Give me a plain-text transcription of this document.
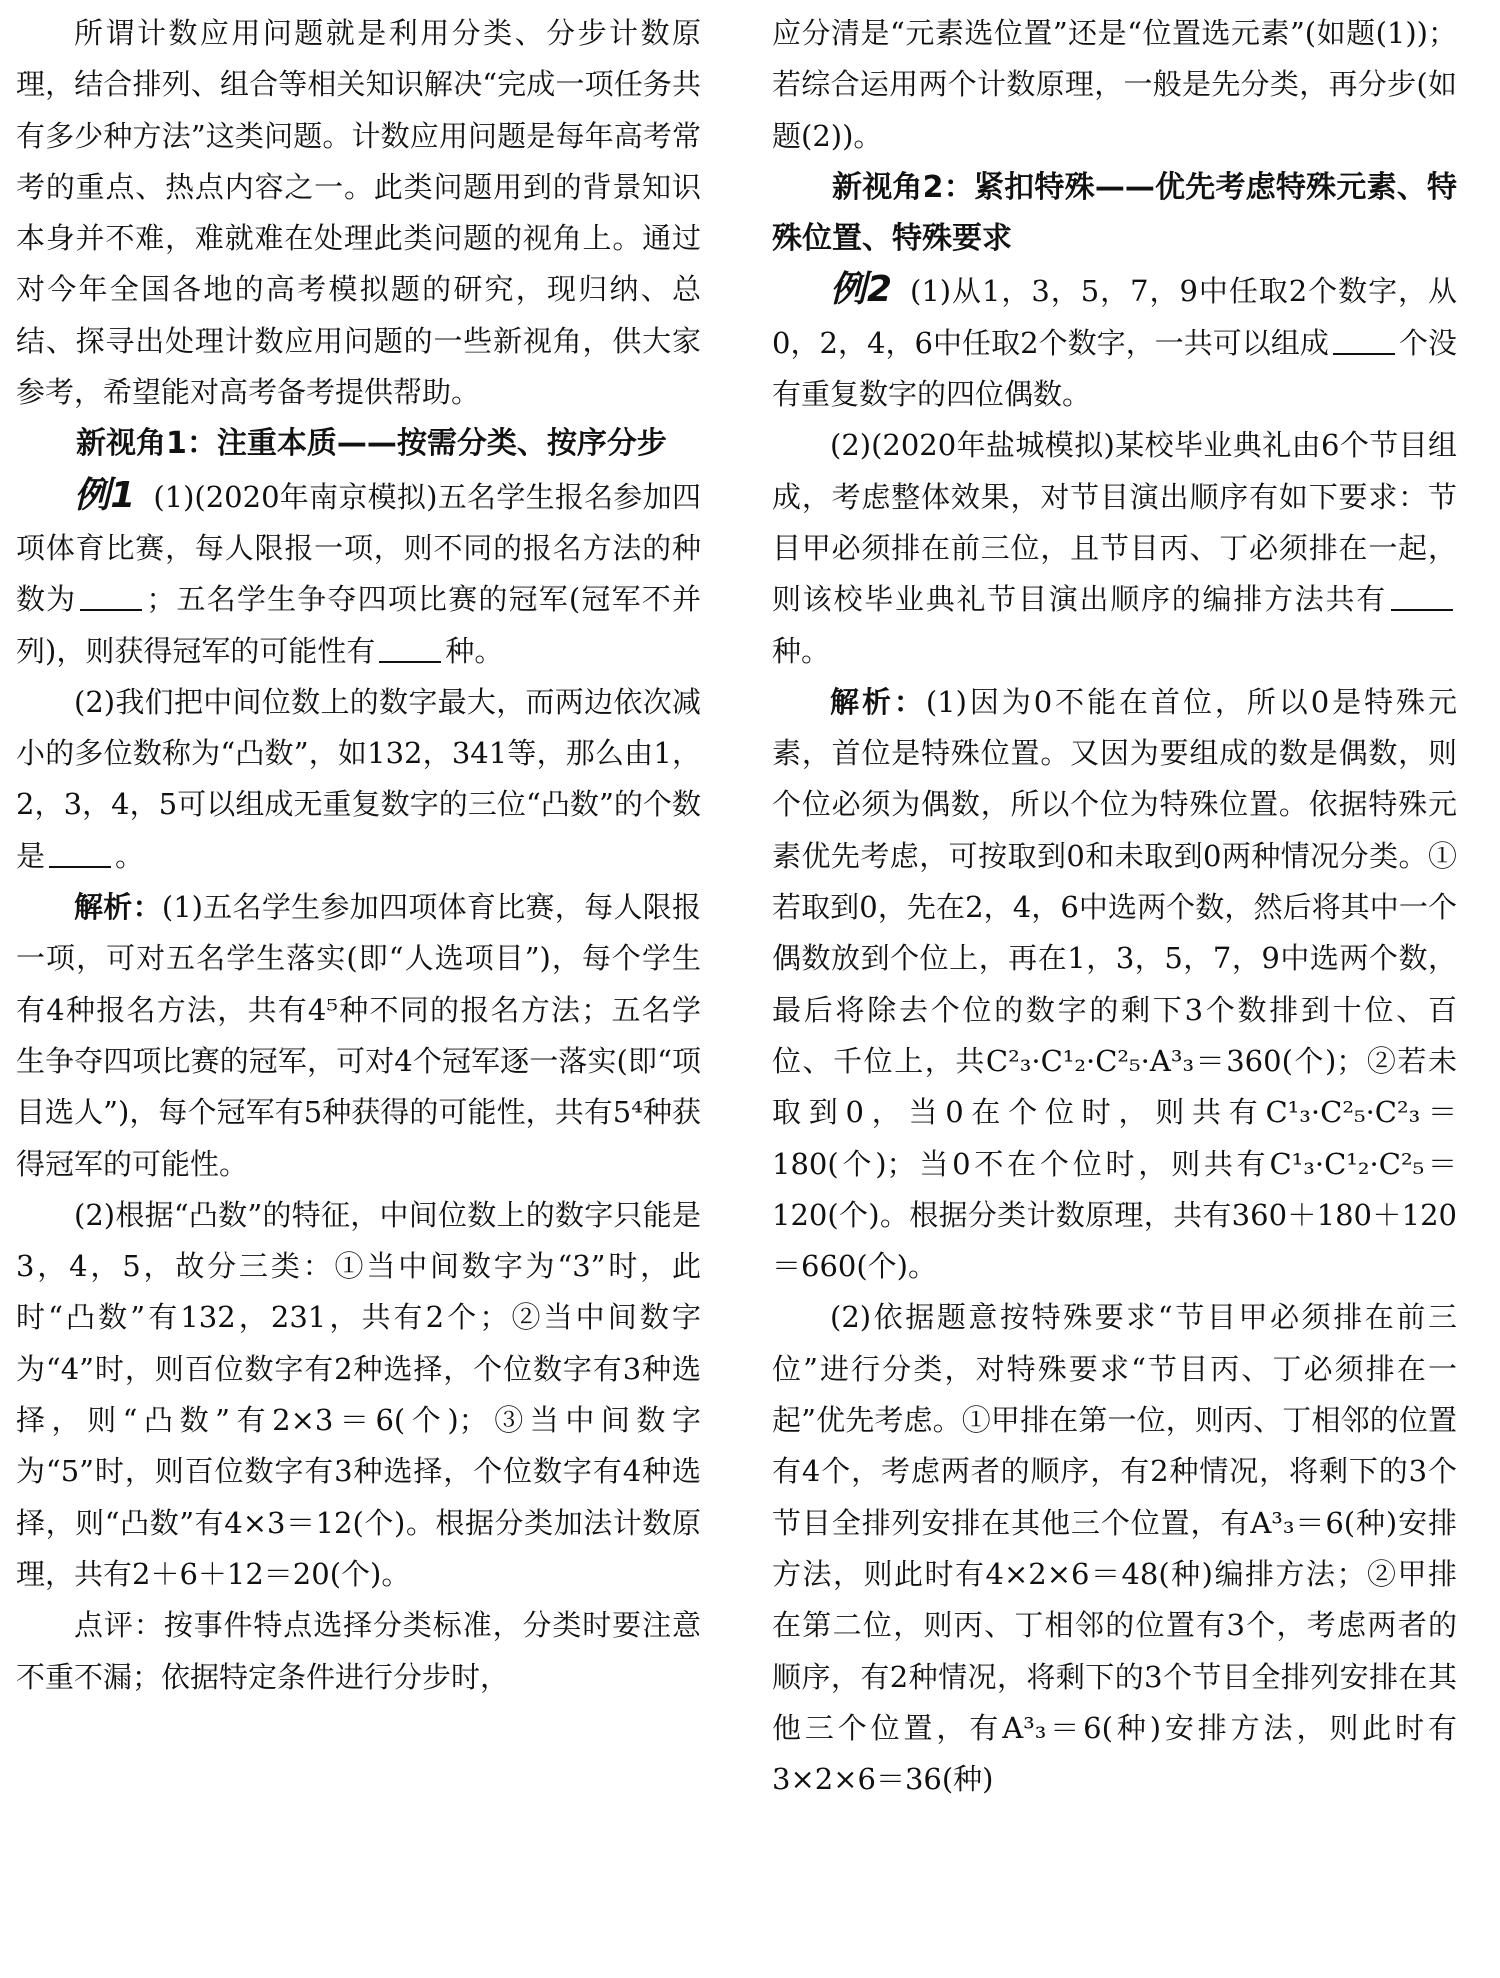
所谓计数应用问题就是利用分类、分步计数原理，结合排列、组合等相关知识解决“完成一项任务共有多少种方法”这类问题。计数应用问题是每年高考常考的重点、热点内容之一。此类问题用到的背景知识本身并不难，难就难在处理此类问题的视角上。通过对今年全国各地的高考模拟题的研究，现归纳、总结、探寻出处理计数应用问题的一些新视角，供大家参考，希望能对高考备考提供帮助。

新视角1：注重本质——按需分类、按序分步

例1 (1)(2020年南京模拟)五名学生报名参加四项体育比赛，每人限报一项，则不同的报名方法的种数为 ；五名学生争夺四项比赛的冠军(冠军不并列)，则获得冠军的可能性有 种。

(2)我们把中间位数上的数字最大，而两边依次减小的多位数称为“凸数”，如132，341等，那么由1，2，3，4，5可以组成无重复数字的三位“凸数”的个数是 。

解析：(1)五名学生参加四项体育比赛，每人限报一项，可对五名学生落实(即“人选项目”)，每个学生有4种报名方法，共有4⁵种不同的报名方法；五名学生争夺四项比赛的冠军，可对4个冠军逐一落实(即“项目选人”)，每个冠军有5种获得的可能性，共有5⁴种获得冠军的可能性。

(2)根据“凸数”的特征，中间位数上的数字只能是3，4，5，故分三类：①当中间数字为“3”时，此时“凸数”有132，231，共有2个；②当中间数字为“4”时，则百位数字有2种选择，个位数字有3种选择，则“凸数”有2×3＝6(个)；③当中间数字为“5”时，则百位数字有3种选择，个位数字有4种选择，则“凸数”有4×3＝12(个)。根据分类加法计数原理，共有2＋6＋12＝20(个)。

点评：按事件特点选择分类标准，分类时要注意不重不漏；依据特定条件进行分步时，

应分清是“元素选位置”还是“位置选元素”(如题(1))；若综合运用两个计数原理，一般是先分类，再分步(如题(2))。

新视角2：紧扣特殊——优先考虑特殊元素、特殊位置、特殊要求

例2 (1)从1，3，5，7，9中任取2个数字，从0，2，4，6中任取2个数字，一共可以组成 个没有重复数字的四位偶数。

(2)(2020年盐城模拟)某校毕业典礼由6个节目组成，考虑整体效果，对节目演出顺序有如下要求：节目甲必须排在前三位，且节目丙、丁必须排在一起，则该校毕业典礼节目演出顺序的编排方法共有种。

解析：(1)因为0不能在首位，所以0是特殊元素，首位是特殊位置。又因为要组成的数是偶数，则个位必须为偶数，所以个位为特殊位置。依据特殊元素优先考虑，可按取到0和未取到0两种情况分类。①若取到0，先在2，4，6中选两个数，然后将其中一个偶数放到个位上，再在1，3，5，7，9中选两个数，最后将除去个位的数字的剩下3个数排到十位、百位、千位上，共C²₃·C¹₂·C²₅·A³₃＝360(个)；②若未取到0，当0在个位时，则共有C¹₃·C²₅·C²₃＝180(个)；当0不在个位时，则共有C¹₃·C¹₂·C²₅＝120(个)。根据分类计数原理，共有360＋180＋120＝660(个)。

(2)依据题意按特殊要求“节目甲必须排在前三位”进行分类，对特殊要求“节目丙、丁必须排在一起”优先考虑。①甲排在第一位，则丙、丁相邻的位置有4个，考虑两者的顺序，有2种情况，将剩下的3个节目全排列安排在其他三个位置，有A³₃＝6(种)安排方法，则此时有4×2×6＝48(种)编排方法；②甲排在第二位，则丙、丁相邻的位置有3个，考虑两者的顺序，有2种情况，将剩下的3个节目全排列安排在其他三个位置，有A³₃＝6(种)安排方法，则此时有3×2×6＝36(种)
